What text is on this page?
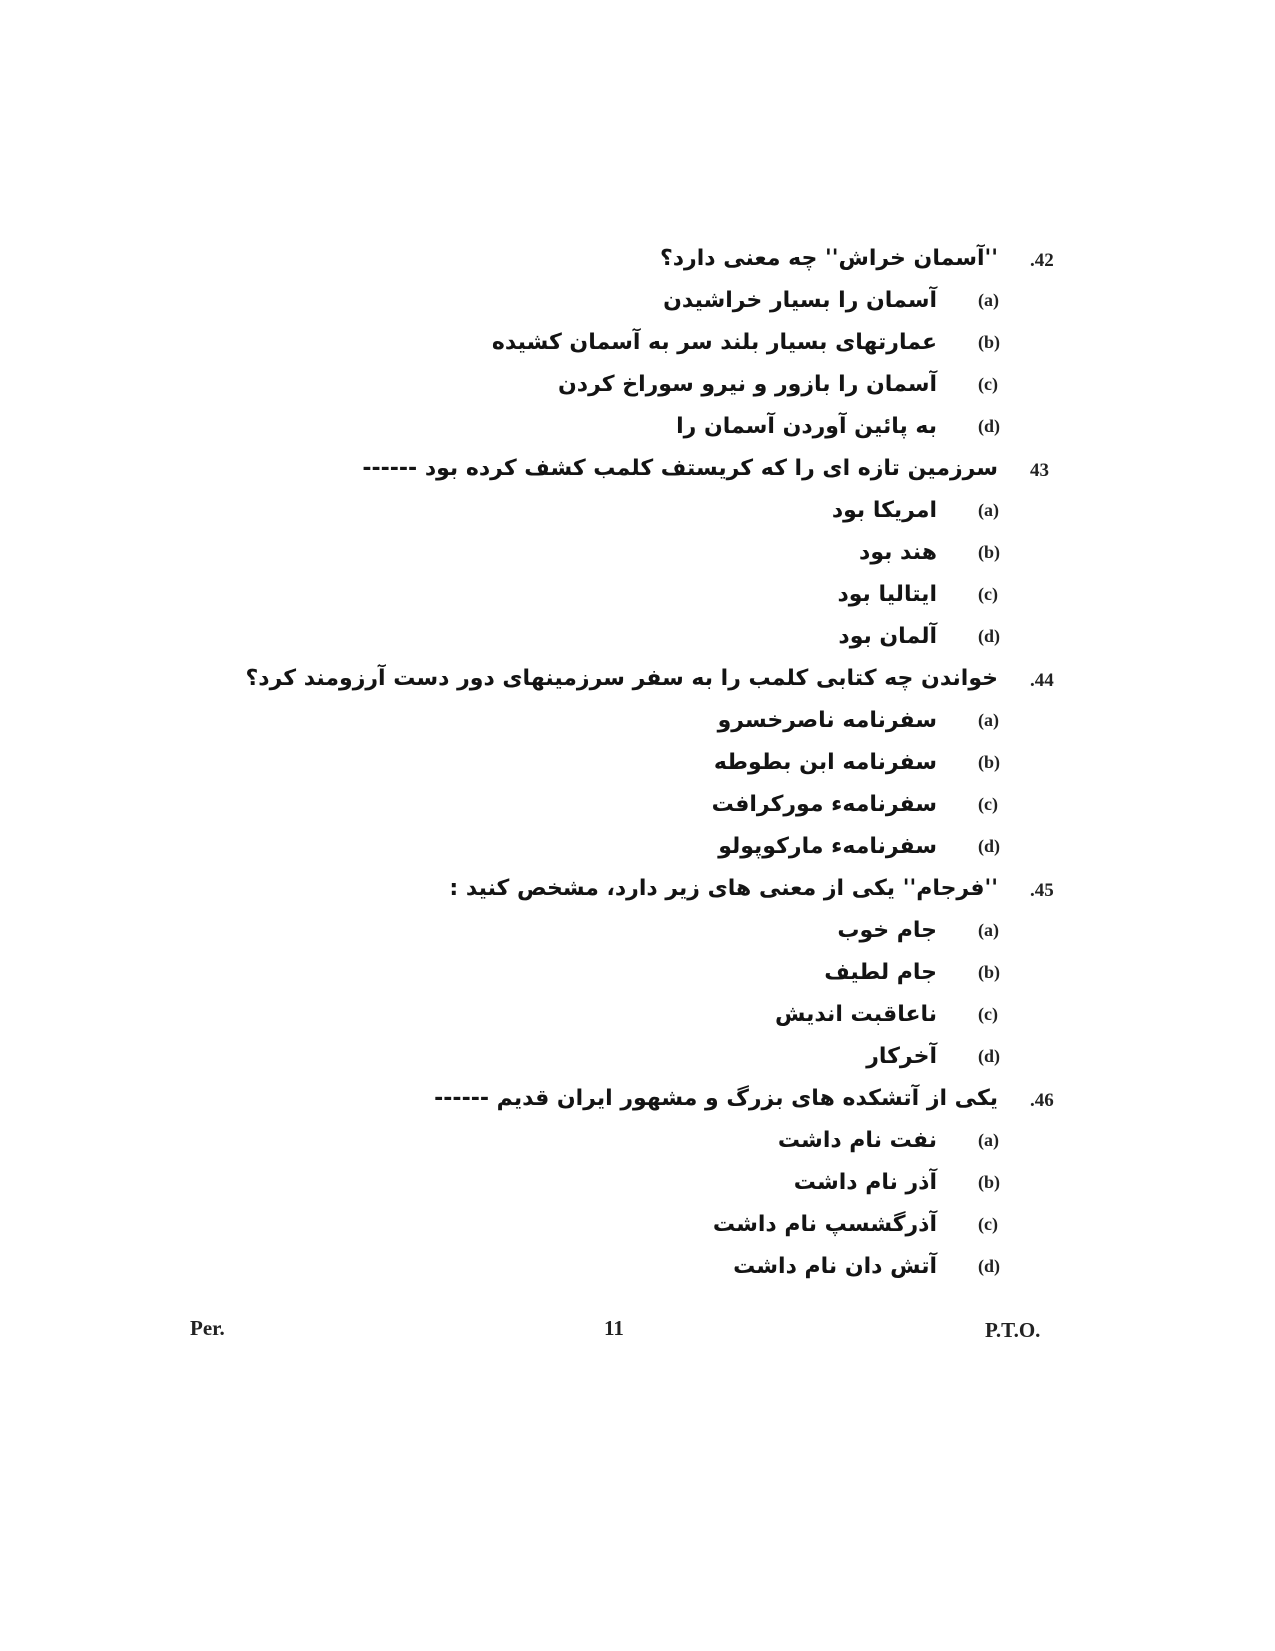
.42
''آسمان خراش'' چه معنی دارد؟
(a)
آسمان را بسیار خراشیدن
(b)
عمارتهای بسیار بلند سر به آسمان کشیده
(c)
آسمان را بازور و نیرو سوراخ کردن
(d)
به پائین آوردن آسمان را
43
سرزمین تازه ای را که کریستف کلمب کشف کرده بود ------
(a)
امریکا بود
(b)
هند بود
(c)
ایتالیا بود
(d)
آلمان بود
.44
خواندن چه کتابی کلمب را به سفر سرزمینهای دور دست آرزومند کرد؟
(a)
سفرنامه ناصرخسرو
(b)
سفرنامه ابن بطوطه
(c)
سفرنامهء مورکرافت
(d)
سفرنامهء مارکوپولو
.45
''فرجام'' یکی از معنی های زیر دارد، مشخص کنید :
(a)
جام خوب
(b)
جام لطیف
(c)
ناعاقبت اندیش
(d)
آخرکار
.46
یکی از آتشکده های بزرگ و مشهور ایران قدیم ------
(a)
نفت نام داشت
(b)
آذر نام داشت
(c)
آذرگشسپ نام داشت
(d)
آتش دان نام داشت
Per.	11	P.T.O.
